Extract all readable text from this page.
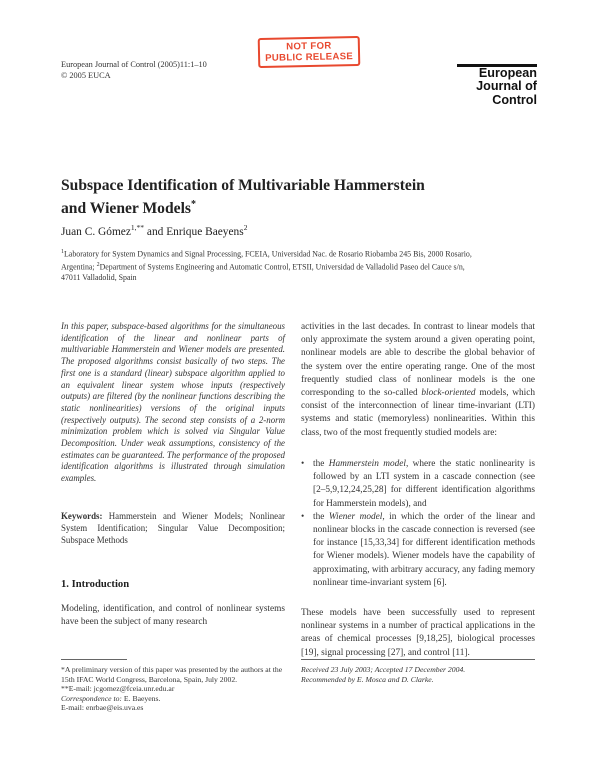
European Journal of Control (2005)11:1–10
© 2005 EUCA
NOT FOR
PUBLIC RELEASE
European
Journal of
Control
Subspace Identification of Multivariable Hammerstein
and Wiener Models*
Juan C. Gómez$^{1,**}$ and Enrique Baeyens$^2$
$^1$Laboratory for System Dynamics and Signal Processing, FCEIA, Universidad Nac. de Rosario Riobamba 245 Bis, 2000 Rosario, Argentina; $^2$Department of Systems Engineering and Automatic Control, ETSII, Universidad de Valladolid Paseo del Cauce s/n, 47011 Valladolid, Spain
In this paper, subspace-based algorithms for the simultaneous identification of the linear and nonlinear parts of multivariable Hammerstein and Wiener models are presented. The proposed algorithms consist basically of two steps. The first one is a standard (linear) subspace algorithm applied to an equivalent linear system whose inputs (respectively outputs) are filtered (by the nonlinear functions describing the static nonlinearities) versions of the original inputs (respectively outputs). The second step consists of a 2-norm minimization problem which is solved via Singular Value Decomposition. Under weak assumptions, consistency of the estimates can be guaranteed. The performance of the proposed identification algorithms is illustrated through simulation examples.
Keywords: Hammerstein and Wiener Models; Nonlinear System Identification; Singular Value Decomposition; Subspace Methods
1. Introduction
Modeling, identification, and control of nonlinear systems have been the subject of many research
*A preliminary version of this paper was presented by the authors at the 15th IFAC World Congress, Barcelona, Spain, July 2002.
**E-mail: jcgomez@fceia.unr.edu.ar
Correspondence to: E. Baeyens.
E-mail: enrbae@eis.uva.es
activities in the last decades. In contrast to linear models that only approximate the system around a given operating point, nonlinear models are able to describe the global behavior of the system over the entire operating range. One of the most frequently studied class of nonlinear models is the one corresponding to the so-called block-oriented models, which consist of the interconnection of linear time-invariant (LTI) systems and static (memoryless) nonlinearities. Within this class, two of the most frequently studied models are:
• the Hammerstein model, where the static nonlinearity is followed by an LTI system in a cascade connection (see [2–5,9,12,24,25,28] for different identification algorithms for Hammerstein models), and
• the Wiener model, in which the order of the linear and nonlinear blocks in the cascade connection is reversed (see for instance [15,33,34] for different identification methods for Wiener models). Wiener models have the capability of approximating, with arbitrary accuracy, any fading memory nonlinear time-invariant system [6].
These models have been successfully used to represent nonlinear systems in a number of practical applications in the areas of chemical processes [9,18,25], biological processes [19], signal processing [27], and control [11].
Received 23 July 2003; Accepted 17 December 2004.
Recommended by E. Mosca and D. Clarke.
